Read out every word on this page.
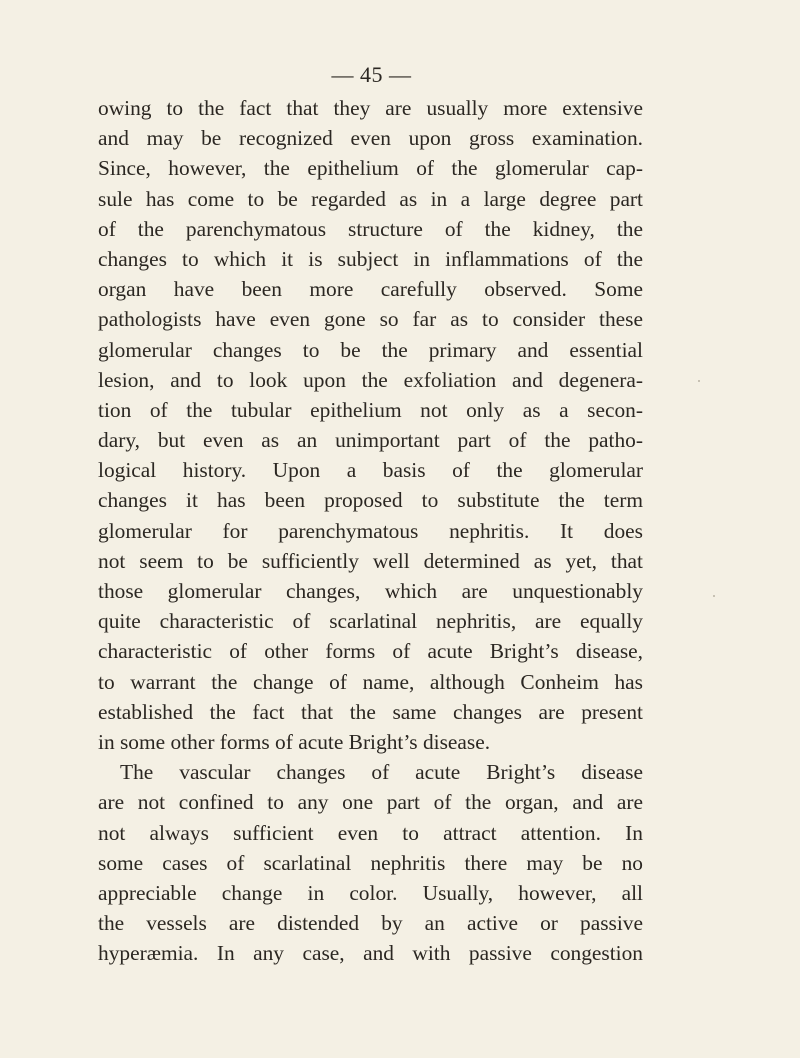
— 45 —
owing to the fact that they are usually more extensive
and may be recognized even upon gross examination.
Since, however, the epithelium of the glomerular cap-
sule has come to be regarded as in a large degree part
of the parenchymatous structure of the kidney, the
changes to which it is subject in inflammations of the
organ have been more carefully observed. Some
pathologists have even gone so far as to consider these
glomerular changes to be the primary and essential
lesion, and to look upon the exfoliation and degenera-
tion of the tubular epithelium not only as a secon-
dary, but even as an unimportant part of the patho-
logical history. Upon a basis of the glomerular
changes it has been proposed to substitute the term
glomerular for parenchymatous nephritis. It does
not seem to be sufficiently well determined as yet, that
those glomerular changes, which are unquestionably
quite characteristic of scarlatinal nephritis, are equally
characteristic of other forms of acute Bright’s disease,
to warrant the change of name, although Conheim has
established the fact that the same changes are present
in some other forms of acute Bright’s disease.
The vascular changes of acute Bright’s disease
are not confined to any one part of the organ, and are
not always sufficient even to attract attention. In
some cases of scarlatinal nephritis there may be no
appreciable change in color. Usually, however, all
the vessels are distended by an active or passive
hyperæmia. In any case, and with passive congestion
